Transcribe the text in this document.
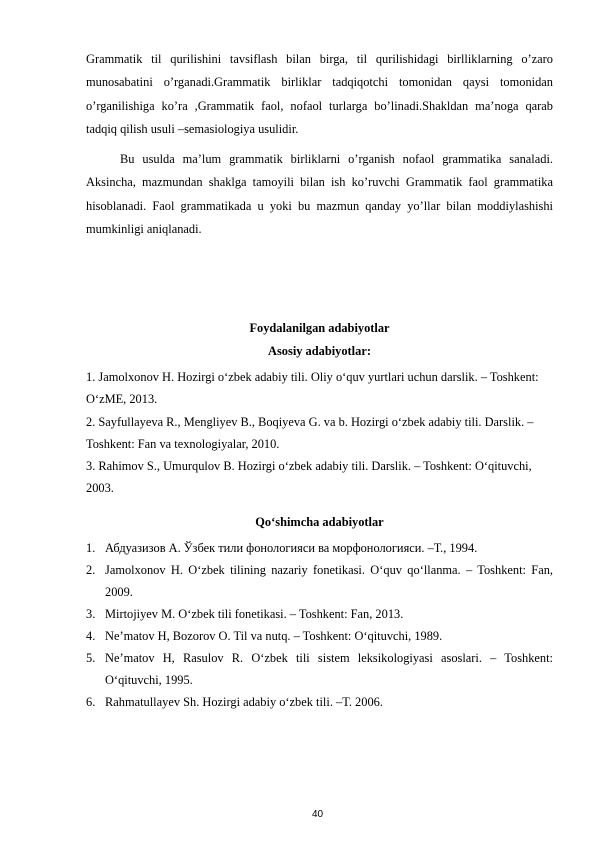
Grammatik til qurilishini tavsiflash bilan birga, til qurilishidagi birlliklarning o’zaro munosabatini o’rganadi.Grammatik birliklar tadqiqotchi tomonidan qaysi tomonidan o’rganilishiga ko’ra ,Grammatik faol, nofaol turlarga bo’linadi.Shakldan ma’noga qarab tadqiq qilish usuli –semasiologiya usulidir.

Bu usulda ma’lum grammatik birliklarni o’rganish nofaol grammatika sanaladi. Aksincha, mazmundan shaklga tamoyili bilan ish ko’ruvchi Grammatik faol grammatika hisoblanadi. Faol grammatikada u yoki bu mazmun qanday yo’llar bilan moddiylashishi mumkinligi aniqlanadi.

Foydalanilgan adabiyotlar
Asosiy adabiyotlar:

1. Jamolxonov H. Hozirgi o‘zbek adabiy tili. Oliy o‘quv yurtlari uchun darslik. – Toshkent: O‘zME, 2013.

2. Sayfullayeva R., Mengliyev B., Boqiyeva G. va b. Hozirgi o‘zbek adabiy tili. Darslik. – Toshkent: Fan va texnologiyalar, 2010.

3. Rahimov S., Umurqulov B. Hozirgi o‘zbek adabiy tili. Darslik. – Toshkent: O‘qituvchi, 2003.

Qo‘shimcha adabiyotlar
1. Абдуазизов А. Ўзбек тили фонологияси ва морфонологияси. –Т., 1994.
2. Jamolxonov H. O‘zbek tilining nazariy fonetikasi. O‘quv qo‘llanma. – Toshkent: Fan, 2009.
3. Mirtojiyev M. O‘zbek tili fonetikasi. – Toshkent: Fan, 2013.
4. Ne’matov H, Bozorov O. Til va nutq. – Toshkent: O‘qituvchi, 1989.
5. Ne’matov H, Rasulov R. O‘zbek tili sistem leksikologiyasi asoslari. – Toshkent: O‘qituvchi, 1995.
6. Rahmatullayev Sh. Hozirgi adabiy o‘zbek tili. –T. 2006.
40
